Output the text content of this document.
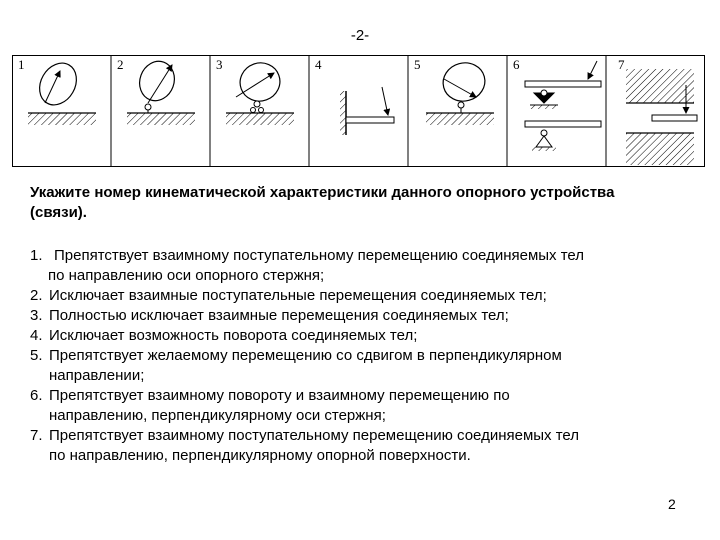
-2-
1	2	3	4	5	6	7
Укажите номер кинематической характеристики данного опорного устройства (связи).
1. Препятствует взаимному поступательному перемещению соединяемых тел
по направлению оси опорного стержня;
2. Исключает взаимные поступательные перемещения соединяемых тел;
3. Полностью исключает взаимные перемещения соединяемых тел;
4. Исключает возможность поворота соединяемых тел;
5. Препятствует желаемому перемещению со сдвигом в перпендикулярном
направлении;
6. Препятствует взаимному повороту и взаимному перемещению по
направлению, перпендикулярному оси стержня;
7. Препятствует взаимному поступательному перемещению соединяемых тел
по направлению, перпендикулярному опорной поверхности.
2
